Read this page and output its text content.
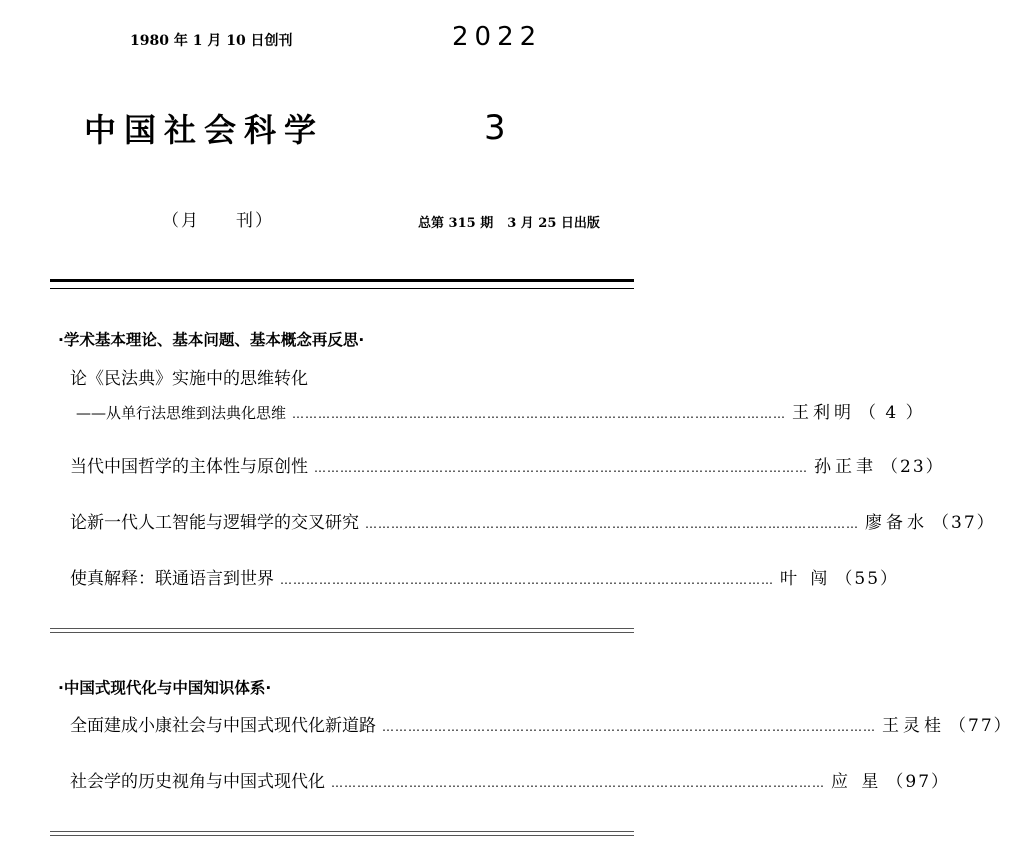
1980 年 1 月 10 日创刊	2022
中国社会科学	3
（月 刊）	总第 315 期 3 月 25 日出版
·学术基本理论、基本问题、基本概念再反思·
论《民法典》实施中的思维转化
——从单行法思维到法典化思维 …………………………………………………………………………………………………… 王利明 （ 4 ）
当代中国哲学的主体性与原创性 …………………………………………………………………………………………………… 孙正聿 （23）
论新一代人工智能与逻辑学的交叉研究 …………………………………………………………………………………………………… 廖备水 （37）
使真解释：联通语言到世界 …………………………………………………………………………………………………… 叶 闯 （55）
·中国式现代化与中国知识体系·
全面建成小康社会与中国式现代化新道路 …………………………………………………………………………………………………… 王灵桂 （77）
社会学的历史视角与中国式现代化 …………………………………………………………………………………………………… 应 星 （97）
